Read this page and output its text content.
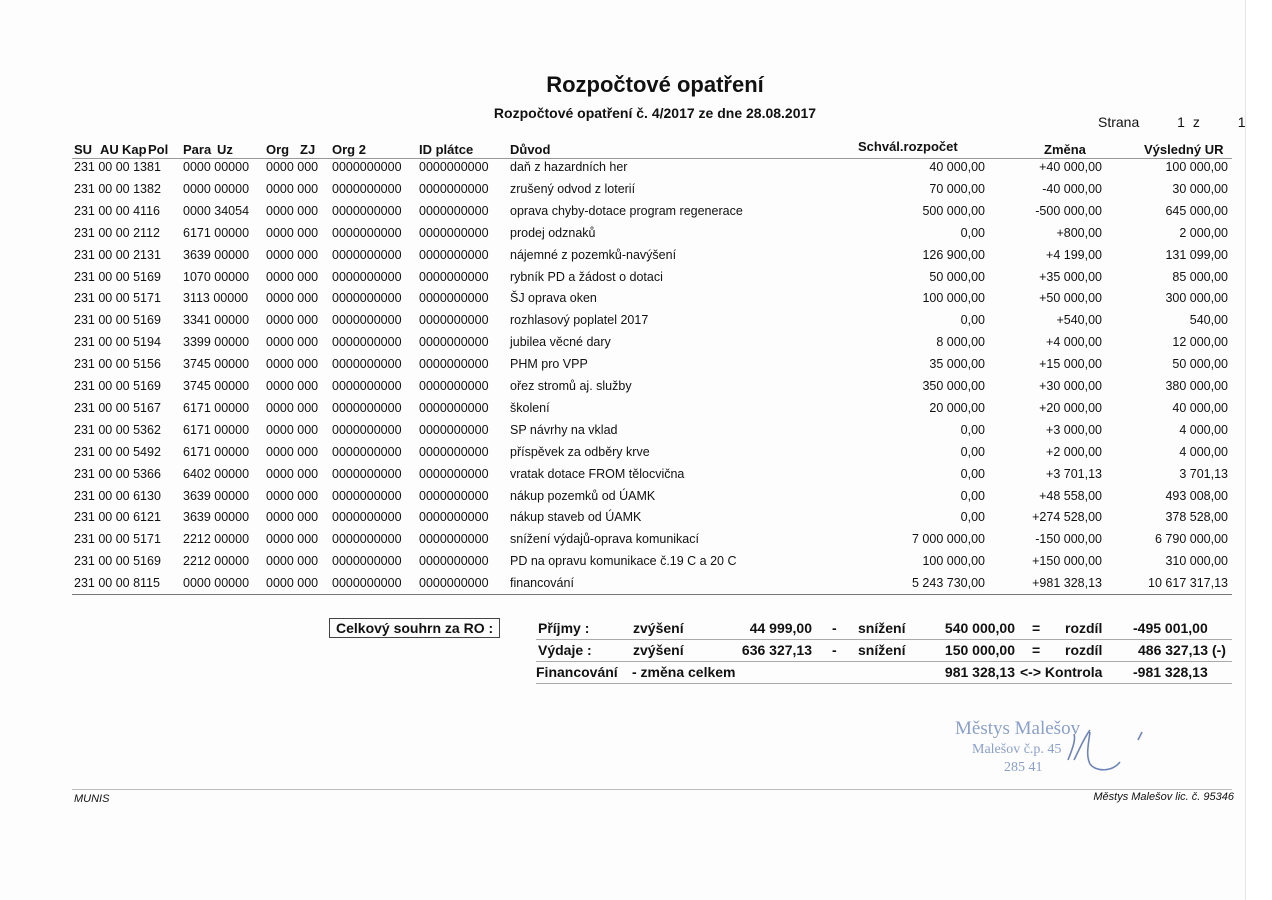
Rozpočtové opatření
Rozpočtové opatření č. 4/2017 ze dne 28.08.2017
Strana	1 z	1
SU AU Kap Pol Para Uz	Org ZJ Org 2	ID plátce	Důvod	Schvál.rozpočet	Změna	Výsledný UR
231 00 00 1381 0000 00000 0000 000 0000000000 0000000000 daň z hazardních her	40 000,00	+40 000,00	100 000,00
231 00 00 1382 0000 00000 0000 000 0000000000 0000000000 zrušený odvod z loterií	70 000,00	-40 000,00	30 000,00
231 00 00 4116 0000 34054 0000 000 0000000000 0000000000 oprava chyby-dotace program regenerace	500 000,00	-500 000,00	645 000,00
231 00 00 2112 6171 00000 0000 000 0000000000 0000000000 prodej odznaků	0,00	+800,00	2 000,00
231 00 00 2131 3639 00000 0000 000 0000000000 0000000000 nájemné z pozemků-navýšení	126 900,00	+4 199,00	131 099,00
231 00 00 5169 1070 00000 0000 000 0000000000 0000000000 rybník PD a žádost o dotaci	50 000,00	+35 000,00	85 000,00
231 00 00 5171 3113 00000 0000 000 0000000000 0000000000 ŠJ oprava oken	100 000,00	+50 000,00	300 000,00
231 00 00 5169 3341 00000 0000 000 0000000000 0000000000 rozhlasový poplatel 2017	0,00	+540,00	540,00
231 00 00 5194 3399 00000 0000 000 0000000000 0000000000 jubilea věcné dary	8 000,00	+4 000,00	12 000,00
231 00 00 5156 3745 00000 0000 000 0000000000 0000000000 PHM pro VPP	35 000,00	+15 000,00	50 000,00
231 00 00 5169 3745 00000 0000 000 0000000000 0000000000 ořez stromů aj. služby	350 000,00	+30 000,00	380 000,00
231 00 00 5167 6171 00000 0000 000 0000000000 0000000000 školení	20 000,00	+20 000,00	40 000,00
231 00 00 5362 6171 00000 0000 000 0000000000 0000000000 SP návrhy na vklad	0,00	+3 000,00	4 000,00
231 00 00 5492 6171 00000 0000 000 0000000000 0000000000 příspěvek za odběry krve	0,00	+2 000,00	4 000,00
231 00 00 5366 6402 00000 0000 000 0000000000 0000000000 vratak dotace FROM tělocvična	0,00	+3 701,13	3 701,13
231 00 00 6130 3639 00000 0000 000 0000000000 0000000000 nákup pozemků od ÚAMK	0,00	+48 558,00	493 008,00
231 00 00 6121 3639 00000 0000 000 0000000000 0000000000 nákup staveb od ÚAMK	0,00	+274 528,00	378 528,00
231 00 00 5171 2212 00000 0000 000 0000000000 0000000000 snížení výdajů-oprava komunikací	7 000 000,00	-150 000,00	6 790 000,00
231 00 00 5169 2212 00000 0000 000 0000000000 0000000000 PD na opravu komunikace č.19 C a 20 C	100 000,00	+150 000,00	310 000,00
231 00 00 8115 0000 00000 0000 000 0000000000 0000000000 financování	5 243 730,00	+981 328,13	10 617 317,13
Celkový souhrn za RO :	Příjmy :	zvýšení	44 999,00 - snížení	540 000,00 = rozdíl -495 001,00
Výdaje :	zvýšení	636 327,13 - snížení	150 000,00 = rozdíl	486 327,13 (-)
Financování - změna celkem	981 328,13 <-> Kontrola -981 328,13
Městys Malešov
Malešov č.p. 45
285 41
MUNIS	Městys Malešov lic. č. 95346
